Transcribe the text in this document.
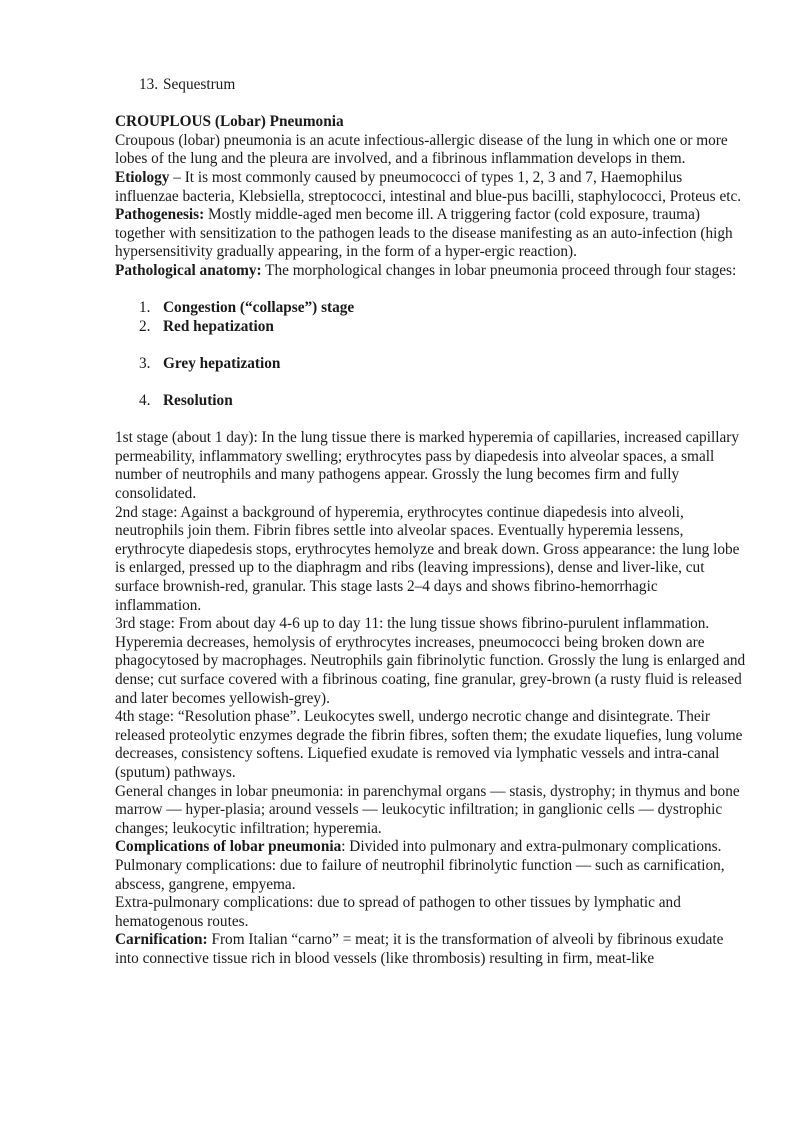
13. Sequestrum

CROUPLOUS (Lobar) Pneumonia

Croupous (lobar) pneumonia is an acute infectious-allergic disease of the lung in which one or more lobes of the lung and the pleura are involved, and a fibrinous inflammation develops in them.

Etiology – It is most commonly caused by pneumococci of types 1, 2, 3 and 7, Haemophilus influenzae bacteria, Klebsiella, streptococci, intestinal and blue-pus bacilli, staphylococci, Proteus etc.

Pathogenesis: Mostly middle-aged men become ill. A triggering factor (cold exposure, trauma) together with sensitization to the pathogen leads to the disease manifesting as an auto-infection (high hypersensitivity gradually appearing, in the form of a hyper-ergic reaction).

Pathological anatomy: The morphological changes in lobar pneumonia proceed through four stages:

1. Congestion (“collapse”) stage
2. Red hepatization
3. Grey hepatization
4. Resolution

1st stage (about 1 day): In the lung tissue there is marked hyperemia of capillaries, increased capillary permeability, inflammatory swelling; erythrocytes pass by diapedesis into alveolar spaces, a small number of neutrophils and many pathogens appear. Grossly the lung becomes firm and fully consolidated.

2nd stage: Against a background of hyperemia, erythrocytes continue diapedesis into alveoli, neutrophils join them. Fibrin fibres settle into alveolar spaces. Eventually hyperemia lessens, erythrocyte diapedesis stops, erythrocytes hemolyze and break down. Gross appearance: the lung lobe is enlarged, pressed up to the diaphragm and ribs (leaving impressions), dense and liver-like, cut surface brownish-red, granular. This stage lasts 2–4 days and shows fibrino-hemorrhagic inflammation.

3rd stage: From about day 4-6 up to day 11: the lung tissue shows fibrino-purulent inflammation. Hyperemia decreases, hemolysis of erythrocytes increases, pneumococci being broken down are phagocytosed by macrophages. Neutrophils gain fibrinolytic function. Grossly the lung is enlarged and dense; cut surface covered with a fibrinous coating, fine granular, grey-brown (a rusty fluid is released and later becomes yellowish-grey).

4th stage: “Resolution phase”. Leukocytes swell, undergo necrotic change and disintegrate. Their released proteolytic enzymes degrade the fibrin fibres, soften them; the exudate liquefies, lung volume decreases, consistency softens. Liquefied exudate is removed via lymphatic vessels and intra-canal (sputum) pathways.

General changes in lobar pneumonia: in parenchymal organs — stasis, dystrophy; in thymus and bone marrow — hyper-plasia; around vessels — leukocytic infiltration; in ganglionic cells — dystrophic changes; leukocytic infiltration; hyperemia.

Complications of lobar pneumonia: Divided into pulmonary and extra-pulmonary complications.

Pulmonary complications: due to failure of neutrophil fibrinolytic function — such as carnification, abscess, gangrene, empyema.

Extra-pulmonary complications: due to spread of pathogen to other tissues by lymphatic and hematogenous routes.

Carnification: From Italian “carno” = meat; it is the transformation of alveoli by fibrinous exudate into connective tissue rich in blood vessels (like thrombosis) resulting in firm, meat-like
